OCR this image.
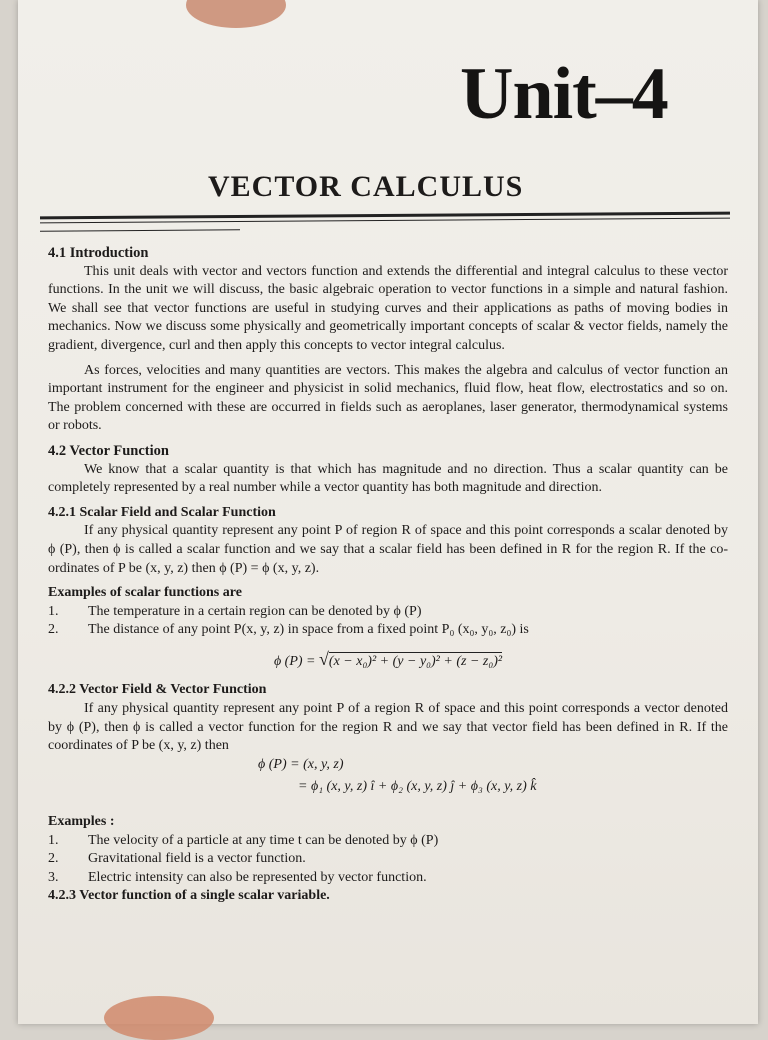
Unit–4
VECTOR CALCULUS
4.1 Introduction

This unit deals with vector and vectors function and extends the differential and integral calculus to these vector functions. In the unit we will discuss, the basic algebraic operation to vector functions in a simple and natural fashion. We shall see that vector functions are useful in studying curves and their applications as paths of moving bodies in mechanics. Now we discuss some physically and geometrically important concepts of scalar & vector fields, namely the gradient, divergence, curl and then apply this concepts to vector integral calculus.

As forces, velocities and many quantities are vectors. This makes the algebra and calculus of vector function an important instrument for the engineer and physicist in solid mechanics, fluid flow, heat flow, electrostatics and so on. The problem concerned with these are occurred in fields such as aeroplanes, laser generator, thermodynamical systems or robots.

4.2 Vector Function

We know that a scalar quantity is that which has magnitude and no direction. Thus a scalar quantity can be completely represented by a real number while a vector quantity has both magnitude and direction.

4.2.1 Scalar Field and Scalar Function

If any physical quantity represent any point P of region R of space and this point corresponds a scalar denoted by ϕ (P), then ϕ is called a scalar function and we say that a scalar field has been defined in R for the region R. If the co-ordinates of P be (x, y, z) then ϕ (P) = ϕ (x, y, z).

Examples of scalar functions are
1.	The temperature in a certain region can be denoted by ϕ (P)
2.	The distance of any point P(x, y, z) in space from a fixed point P₀ (x₀, y₀, z₀) is
ϕ (P) = √(x − x₀)² + (y − y₀)² + (z − z₀)²
4.2.2 Vector Field & Vector Function

If any physical quantity represent any point P of a region R of space and this point corresponds a vector denoted by ϕ (P), then ϕ is called a vector function for the region R and we say that vector field has been defined in R. If the coordinates of P be (x, y, z) then

ϕ (P) = (x, y, z)
= ϕ₁ (x, y, z) î + ϕ₂ (x, y, z) ĵ + ϕ₃ (x, y, z) k̂
Examples :
1.	The velocity of a particle at any time t can be denoted by ϕ (P)
2.	Gravitational field is a vector function.
3.	Electric intensity can also be represented by vector function.
4.2.3 Vector function of a single scalar variable.
